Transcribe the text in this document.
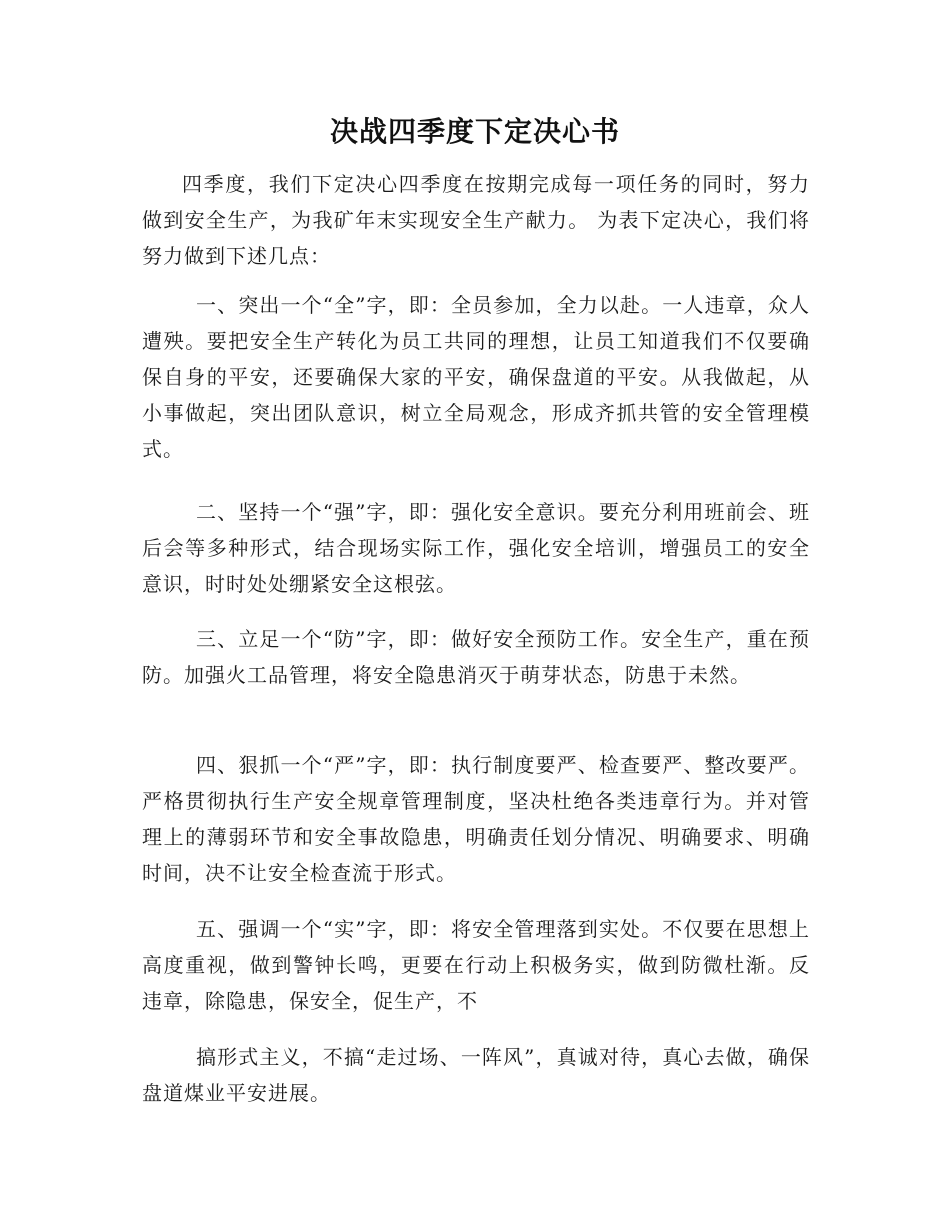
决战四季度下定决心书

四季度，我们下定决心四季度在按期完成每一项任务的同时，努力做到安全生产，为我矿年末实现安全生产献力。 为表下定决心，我们将努力做到下述几点：

一、突出一个“全”字，即：全员参加，全力以赴。一人违章，众人遭殃。要把安全生产转化为员工共同的理想，让员工知道我们不仅要确保自身的平安，还要确保大家的平安，确保盘道的平安。从我做起，从小事做起，突出团队意识，树立全局观念，形成齐抓共管的安全管理模式。

二、坚持一个“强”字，即：强化安全意识。要充分利用班前会、班后会等多种形式，结合现场实际工作，强化安全培训，增强员工的安全意识，时时处处绷紧安全这根弦。

三、立足一个“防”字，即：做好安全预防工作。安全生产，重在预防。加强火工品管理，将安全隐患消灭于萌芽状态，防患于未然。

四、狠抓一个“严”字，即：执行制度要严、检查要严、整改要严。严格贯彻执行生产安全规章管理制度，坚决杜绝各类违章行为。并对管理上的薄弱环节和安全事故隐患，明确责任划分情况、明确要求、明确时间，决不让安全检查流于形式。

五、强调一个“实”字，即：将安全管理落到实处。不仅要在思想上高度重视，做到警钟长鸣，更要在行动上积极务实，做到防微杜渐。反违章，除隐患，保安全，促生产，不

搞形式主义，不搞“走过场、一阵风”，真诚对待，真心去做，确保盘道煤业平安进展。
